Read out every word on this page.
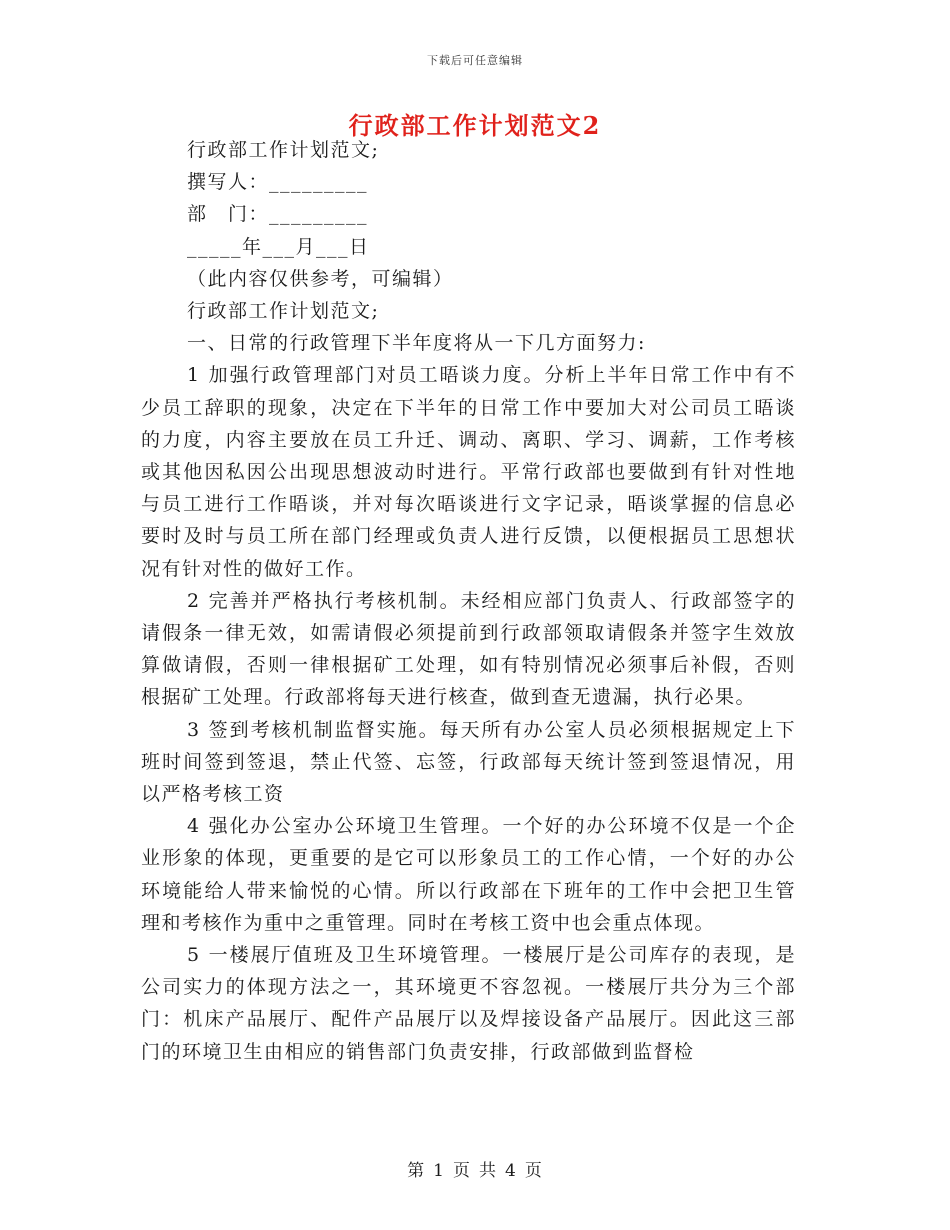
下载后可任意编辑
行政部工作计划范文2
行政部工作计划范文;
撰写人：_________
部　门：_________
_____年___月___日
（此内容仅供参考，可编辑）
行政部工作计划范文;
一、日常的行政管理下半年度将从一下几方面努力:
1 加强行政管理部门对员工晤谈力度。分析上半年日常工作中有不少员工辞职的现象，决定在下半年的日常工作中要加大对公司员工晤谈的力度，内容主要放在员工升迁、调动、离职、学习、调薪，工作考核或其他因私因公出现思想波动时进行。平常行政部也要做到有针对性地与员工进行工作晤谈，并对每次晤谈进行文字记录，晤谈掌握的信息必要时及时与员工所在部门经理或负责人进行反馈，以便根据员工思想状况有针对性的做好工作。
2 完善并严格执行考核机制。未经相应部门负责人、行政部签字的请假条一律无效，如需请假必须提前到行政部领取请假条并签字生效放算做请假，否则一律根据矿工处理，如有特别情况必须事后补假，否则根据矿工处理。行政部将每天进行核查，做到查无遗漏，执行必果。
3 签到考核机制监督实施。每天所有办公室人员必须根据规定上下班时间签到签退，禁止代签、忘签，行政部每天统计签到签退情况，用以严格考核工资
4 强化办公室办公环境卫生管理。一个好的办公环境不仅是一个企业形象的体现，更重要的是它可以形象员工的工作心情，一个好的办公环境能给人带来愉悦的心情。所以行政部在下班年的工作中会把卫生管理和考核作为重中之重管理。同时在考核工资中也会重点体现。
5 一楼展厅值班及卫生环境管理。一楼展厅是公司库存的表现，是公司实力的体现方法之一，其环境更不容忽视。一楼展厅共分为三个部门：机床产品展厅、配件产品展厅以及焊接设备产品展厅。因此这三部门的环境卫生由相应的销售部门负责安排，行政部做到监督检
第 1 页 共 4 页
